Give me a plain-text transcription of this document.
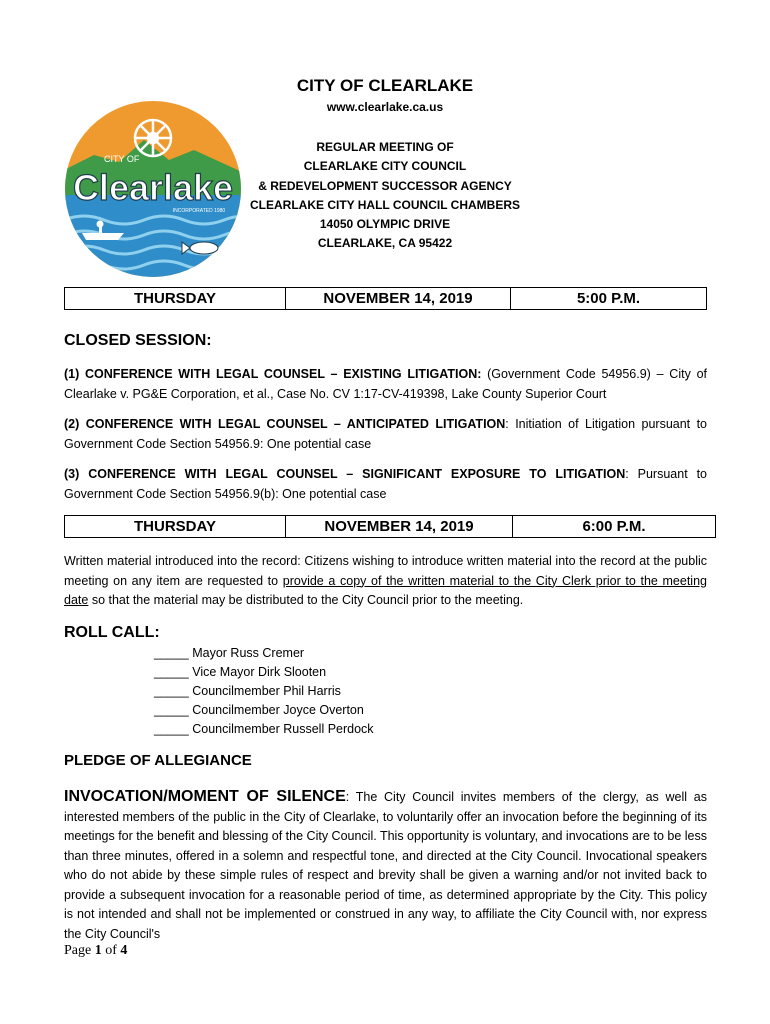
CITY OF
Clearlake
INCORPORATED 1980
CITY OF CLEARLAKE
www.clearlake.ca.us
REGULAR MEETING OF
CLEARLAKE CITY COUNCIL
& REDEVELOPMENT SUCCESSOR AGENCY
CLEARLAKE CITY HALL COUNCIL CHAMBERS
14050 OLYMPIC DRIVE
CLEARLAKE, CA 95422
THURSDAY	NOVEMBER 14, 2019	5:00 P.M.
CLOSED SESSION:
(1) CONFERENCE WITH LEGAL COUNSEL – EXISTING LITIGATION: (Government Code 54956.9) – City of Clearlake v. PG&E Corporation, et al., Case No. CV 1:17-CV-419398, Lake County Superior Court
(2) CONFERENCE WITH LEGAL COUNSEL – ANTICIPATED LITIGATION: Initiation of Litigation pursuant to Government Code Section 54956.9: One potential case
(3) CONFERENCE WITH LEGAL COUNSEL – SIGNIFICANT EXPOSURE TO LITIGATION: Pursuant to Government Code Section 54956.9(b): One potential case
THURSDAY	NOVEMBER 14, 2019	6:00 P.M.
Written material introduced into the record: Citizens wishing to introduce written material into the record at the public meeting on any item are requested to provide a copy of the written material to the City Clerk prior to the meeting date so that the material may be distributed to the City Council prior to the meeting.
ROLL CALL:
_____ Mayor Russ Cremer
_____ Vice Mayor Dirk Slooten
_____ Councilmember Phil Harris
_____ Councilmember Joyce Overton
_____ Councilmember Russell Perdock
PLEDGE OF ALLEGIANCE
INVOCATION/MOMENT OF SILENCE: The City Council invites members of the clergy, as well as interested members of the public in the City of Clearlake, to voluntarily offer an invocation before the beginning of its meetings for the benefit and blessing of the City Council. This opportunity is voluntary, and invocations are to be less than three minutes, offered in a solemn and respectful tone, and directed at the City Council. Invocational speakers who do not abide by these simple rules of respect and brevity shall be given a warning and/or not invited back to provide a subsequent invocation for a reasonable period of time, as determined appropriate by the City. This policy is not intended and shall not be implemented or construed in any way, to affiliate the City Council with, nor express the City Council's
Page 1 of 4
